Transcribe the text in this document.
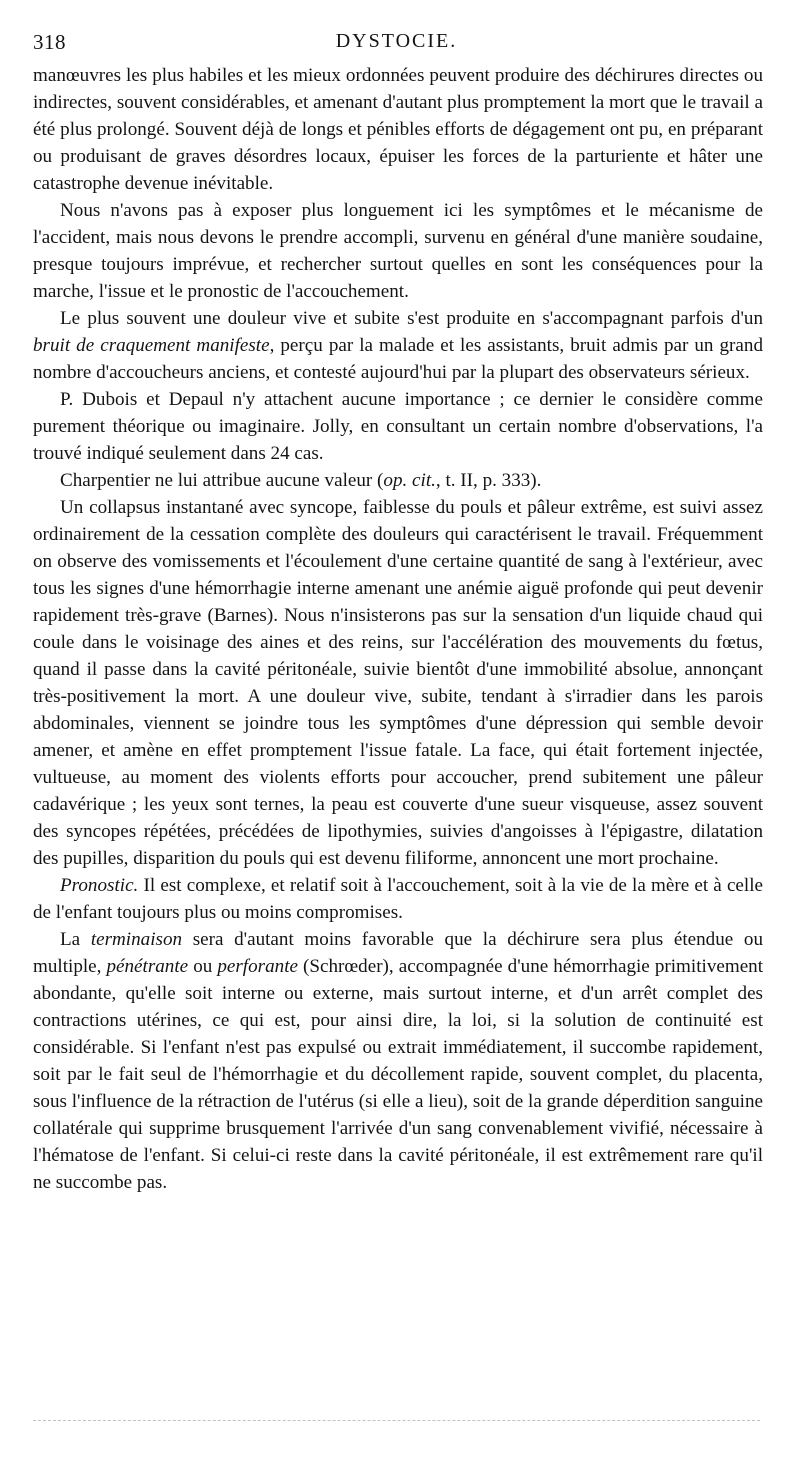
318	DYSTOCIE.

manœuvres les plus habiles et les mieux ordonnées peuvent produire des déchirures directes ou indirectes, souvent considérables, et amenant d'autant plus promptement la mort que le travail a été plus prolongé. Souvent déjà de longs et pénibles efforts de dégagement ont pu, en préparant ou produisant de graves désordres locaux, épuiser les forces de la parturiente et hâter une catastrophe devenue inévitable.

Nous n'avons pas à exposer plus longuement ici les symptômes et le mécanisme de l'accident, mais nous devons le prendre accompli, survenu en général d'une manière soudaine, presque toujours imprévue, et rechercher surtout quelles en sont les conséquences pour la marche, l'issue et le pronostic de l'accouchement.

Le plus souvent une douleur vive et subite s'est produite en s'accompagnant parfois d'un bruit de craquement manifeste, perçu par la malade et les assistants, bruit admis par un grand nombre d'accoucheurs anciens, et contesté aujourd'hui par la plupart des observateurs sérieux.

P. Dubois et Depaul n'y attachent aucune importance ; ce dernier le considère comme purement théorique ou imaginaire. Jolly, en consultant un certain nombre d'observations, l'a trouvé indiqué seulement dans 24 cas.

Charpentier ne lui attribue aucune valeur (op. cit., t. II, p. 333).

Un collapsus instantané avec syncope, faiblesse du pouls et pâleur extrême, est suivi assez ordinairement de la cessation complète des douleurs qui caractérisent le travail. Fréquemment on observe des vomissements et l'écoulement d'une certaine quantité de sang à l'extérieur, avec tous les signes d'une hémorrhagie interne amenant une anémie aiguë profonde qui peut devenir rapidement très-grave (Barnes). Nous n'insisterons pas sur la sensation d'un liquide chaud qui coule dans le voisinage des aines et des reins, sur l'accélération des mouvements du fœtus, quand il passe dans la cavité péritonéale, suivie bientôt d'une immobilité absolue, annonçant très-positivement la mort. A une douleur vive, subite, tendant à s'irradier dans les parois abdominales, viennent se joindre tous les symptômes d'une dépression qui semble devoir amener, et amène en effet promptement l'issue fatale. La face, qui était fortement injectée, vultueuse, au moment des violents efforts pour accoucher, prend subitement une pâleur cadavérique ; les yeux sont ternes, la peau est couverte d'une sueur visqueuse, assez souvent des syncopes répétées, précédées de lipothymies, suivies d'angoisses à l'épigastre, dilatation des pupilles, disparition du pouls qui est devenu filiforme, annoncent une mort prochaine.

Pronostic. Il est complexe, et relatif soit à l'accouchement, soit à la vie de la mère et à celle de l'enfant toujours plus ou moins compromises.

La terminaison sera d'autant moins favorable que la déchirure sera plus étendue ou multiple, pénétrante ou perforante (Schrœder), accompagnée d'une hémorrhagie primitivement abondante, qu'elle soit interne ou externe, mais surtout interne, et d'un arrêt complet des contractions utérines, ce qui est, pour ainsi dire, la loi, si la solution de continuité est considérable. Si l'enfant n'est pas expulsé ou extrait immédiatement, il succombe rapidement, soit par le fait seul de l'hémorrhagie et du décollement rapide, souvent complet, du placenta, sous l'influence de la rétraction de l'utérus (si elle a lieu), soit de la grande déperdition sanguine collatérale qui supprime brusquement l'arrivée d'un sang convenablement vivifié, nécessaire à l'hématose de l'enfant. Si celui-ci reste dans la cavité péritonéale, il est extrêmement rare qu'il ne succombe pas.
